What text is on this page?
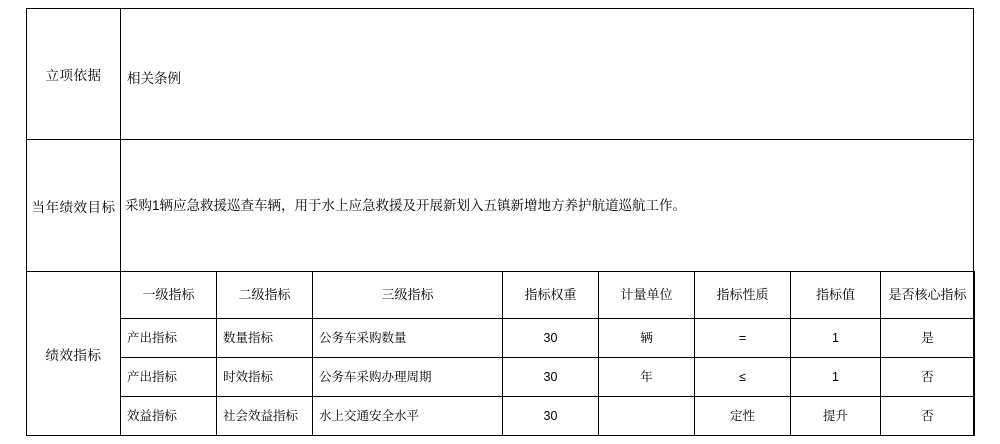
立项依据	相关条例

当年绩效目标	采购1辆应急救援巡查车辆，用于水上应急救援及开展新划入五镇新增地方养护航道巡航工作。

绩效指标	
一级指标	二级指标	三级指标	指标权重	计量单位	指标性质	指标值	是否核心指标
产出指标	数量指标	公务车采购数量	30	辆	=	1	是
产出指标	时效指标	公务车采购办理周期	30	年	≤	1	否
效益指标	社会效益指标	水上交通安全水平	30		定性	提升	否
